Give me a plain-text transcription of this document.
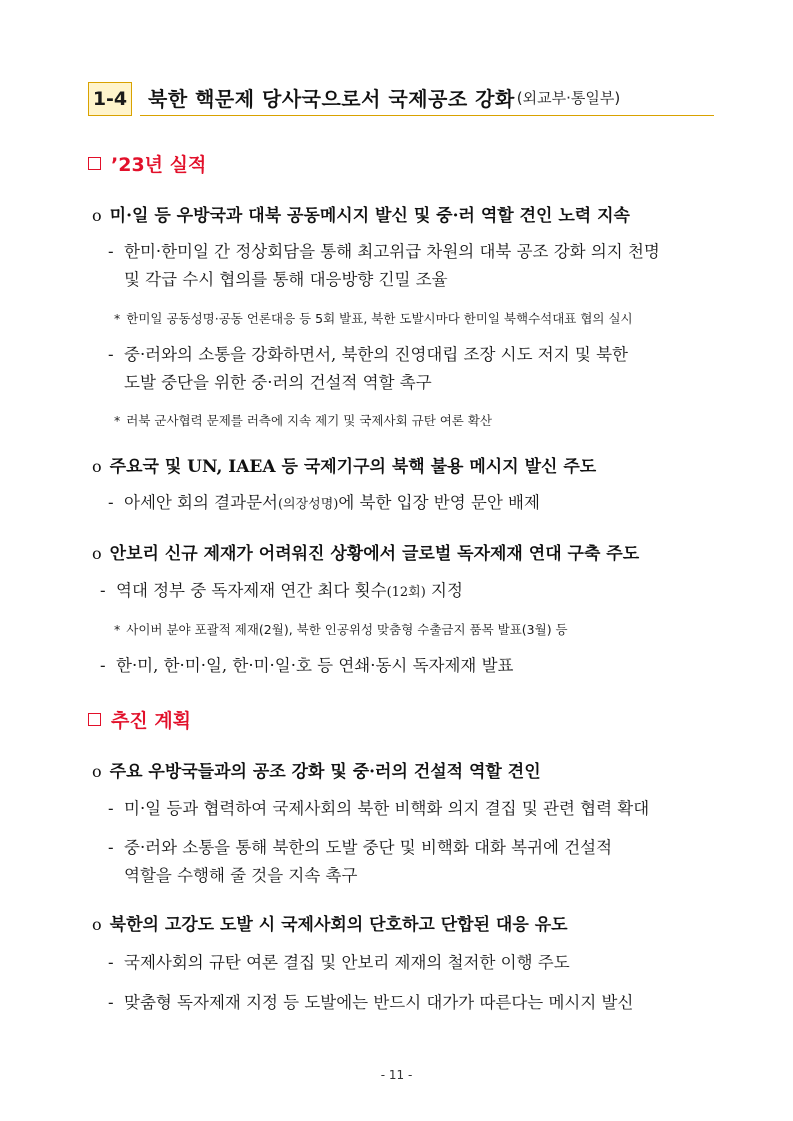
1-4 북한 핵문제 당사국으로서 국제공조 강화 (외교부·통일부)
’23년 실적
o 미·일 등 우방국과 대북 공동메시지 발신 및 중·러 역할 견인 노력 지속
- 한미·한미일 간 정상회담을 통해 최고위급 차원의 대북 공조 강화 의지 천명
및 각급 수시 협의를 통해 대응방향 긴밀 조율
* 한미일 공동성명·공동 언론대응 등 5회 발표, 북한 도발시마다 한미일 북핵수석대표 협의 실시
- 중·러와의 소통을 강화하면서, 북한의 진영대립 조장 시도 저지 및 북한
도발 중단을 위한 중·러의 건설적 역할 촉구
* 러북 군사협력 문제를 러측에 지속 제기 및 국제사회 규탄 여론 확산
o 주요국 및 UN, IAEA 등 국제기구의 북핵 불용 메시지 발신 주도
- 아세안 회의 결과문서(의장성명)에 북한 입장 반영 문안 배제
o 안보리 신규 제재가 어려워진 상황에서 글로벌 독자제재 연대 구축 주도
- 역대 정부 중 독자제재 연간 최다 횟수(12회) 지정
* 사이버 분야 포괄적 제재(2월), 북한 인공위성 맞춤형 수출금지 품목 발표(3월) 등
- 한·미, 한·미·일, 한·미·일·호 등 연쇄·동시 독자제재 발표
추진 계획
o 주요 우방국들과의 공조 강화 및 중·러의 건설적 역할 견인
- 미·일 등과 협력하여 국제사회의 북한 비핵화 의지 결집 및 관련 협력 확대
- 중·러와 소통을 통해 북한의 도발 중단 및 비핵화 대화 복귀에 건설적
역할을 수행해 줄 것을 지속 촉구
o 북한의 고강도 도발 시 국제사회의 단호하고 단합된 대응 유도
- 국제사회의 규탄 여론 결집 및 안보리 제재의 철저한 이행 주도
- 맞춤형 독자제재 지정 등 도발에는 반드시 대가가 따른다는 메시지 발신
- 11 -
